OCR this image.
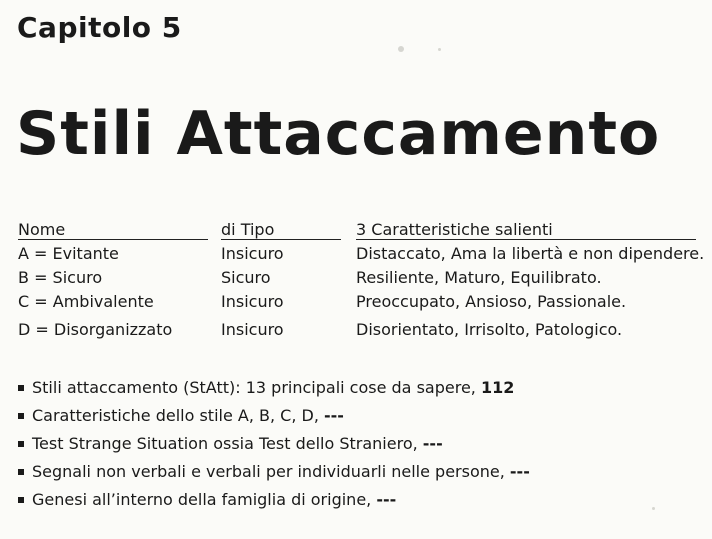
Capitolo 5
Stili Attaccamento
Nome	di Tipo	3 Caratteristiche salienti
A = Evitante	Insicuro	Distaccato, Ama la libertà e non dipendere.
B = Sicuro	Sicuro	Resiliente, Maturo, Equilibrato.
C = Ambivalente	Insicuro	Preoccupato, Ansioso, Passionale.
D = Disorganizzato	Insicuro	Disorientato, Irrisolto, Patologico.
Stili attaccamento (StAtt): 13 principali cose da sapere, 112
Caratteristiche dello stile A, B, C, D, ---
Test Strange Situation ossia Test dello Straniero, ---
Segnali non verbali e verbali per individuarli nelle persone, ---
Genesi all’interno della famiglia di origine, ---
